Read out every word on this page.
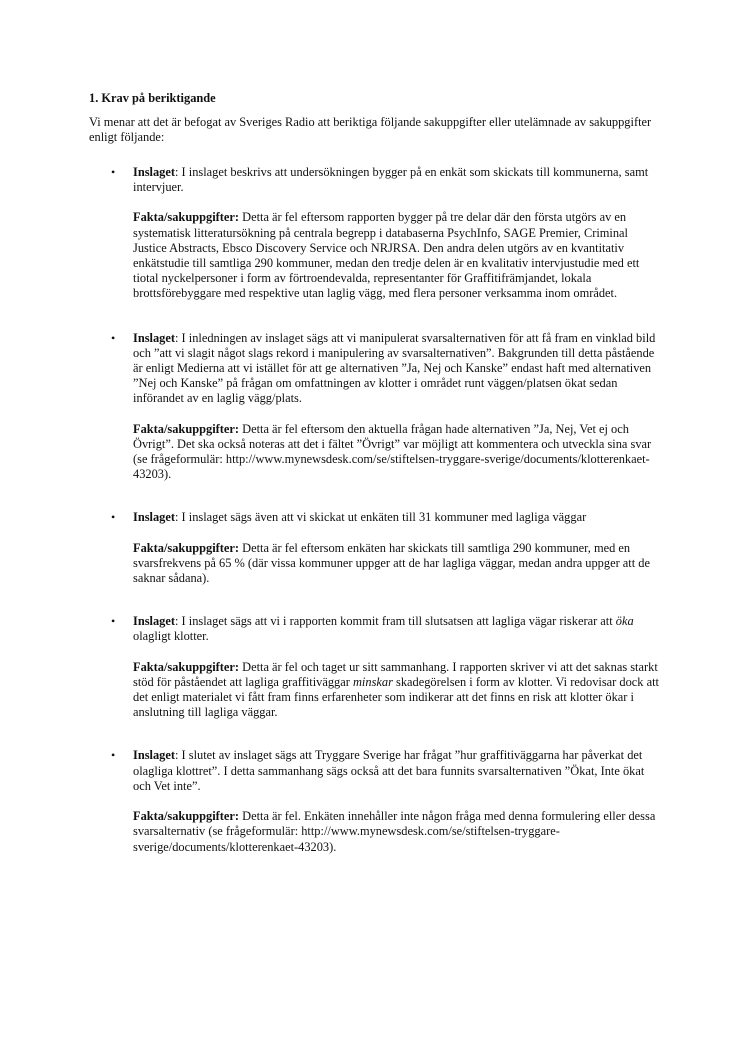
1. Krav på beriktigande
Vi menar att det är befogat av Sveriges Radio att beriktiga följande sakuppgifter eller utelämnade av sakuppgifter enligt följande:
• Inslaget: I inslaget beskrivs att undersökningen bygger på en enkät som skickats till kommunerna, samt intervjuer.

Fakta/sakuppgifter: Detta är fel eftersom rapporten bygger på tre delar där den första utgörs av en systematisk litteratursökning på centrala begrepp i databaserna PsychInfo, SAGE Premier, Criminal Justice Abstracts, Ebsco Discovery Service och NRJRSA. Den andra delen utgörs av en kvantitativ enkätstudie till samtliga 290 kommuner, medan den tredje delen är en kvalitativ intervjustudie med ett tiotal nyckelpersoner i form av förtroendevalda, representanter för Graffitifrämjandet, lokala brottsförebyggare med respektive utan laglig vägg, med flera personer verksamma inom området.

• Inslaget: I inledningen av inslaget sägs att vi manipulerat svarsalternativen för att få fram en vinklad bild och ”att vi slagit något slags rekord i manipulering av svarsalternativen”. Bakgrunden till detta påstående är enligt Medierna att vi istället för att ge alternativen ”Ja, Nej och Kanske” endast haft med alternativen ”Nej och Kanske” på frågan om omfattningen av klotter i området runt väggen/platsen ökat sedan införandet av en laglig vägg/plats.

Fakta/sakuppgifter: Detta är fel eftersom den aktuella frågan hade alternativen ”Ja, Nej, Vet ej och Övrigt”. Det ska också noteras att det i fältet ”Övrigt” var möjligt att kommentera och utveckla sina svar (se frågeformulär: http://www.mynewsdesk.com/se/stiftelsen-tryggare-sverige/documents/klotterenkaet-43203).

• Inslaget: I inslaget sägs även att vi skickat ut enkäten till 31 kommuner med lagliga väggar

Fakta/sakuppgifter: Detta är fel eftersom enkäten har skickats till samtliga 290 kommuner, med en svarsfrekvens på 65 % (där vissa kommuner uppger att de har lagliga väggar, medan andra uppger att de saknar sådana).

• Inslaget: I inslaget sägs att vi i rapporten kommit fram till slutsatsen att lagliga vägar riskerar att öka olagligt klotter.

Fakta/sakuppgifter: Detta är fel och taget ur sitt sammanhang. I rapporten skriver vi att det saknas starkt stöd för påståendet att lagliga graffitiväggar minskar skadegörelsen i form av klotter. Vi redovisar dock att det enligt materialet vi fått fram finns erfarenheter som indikerar att det finns en risk att klotter ökar i anslutning till lagliga väggar.

• Inslaget: I slutet av inslaget sägs att Tryggare Sverige har frågat ”hur graffitiväggarna har påverkat det olagliga klottret”. I detta sammanhang sägs också att det bara funnits svarsalternativen ”Ökat, Inte ökat och Vet inte”.

Fakta/sakuppgifter: Detta är fel. Enkäten innehåller inte någon fråga med denna formulering eller dessa svarsalternativ (se frågeformulär: http://www.mynewsdesk.com/se/stiftelsen-tryggare-sverige/documents/klotterenkaet-43203).
